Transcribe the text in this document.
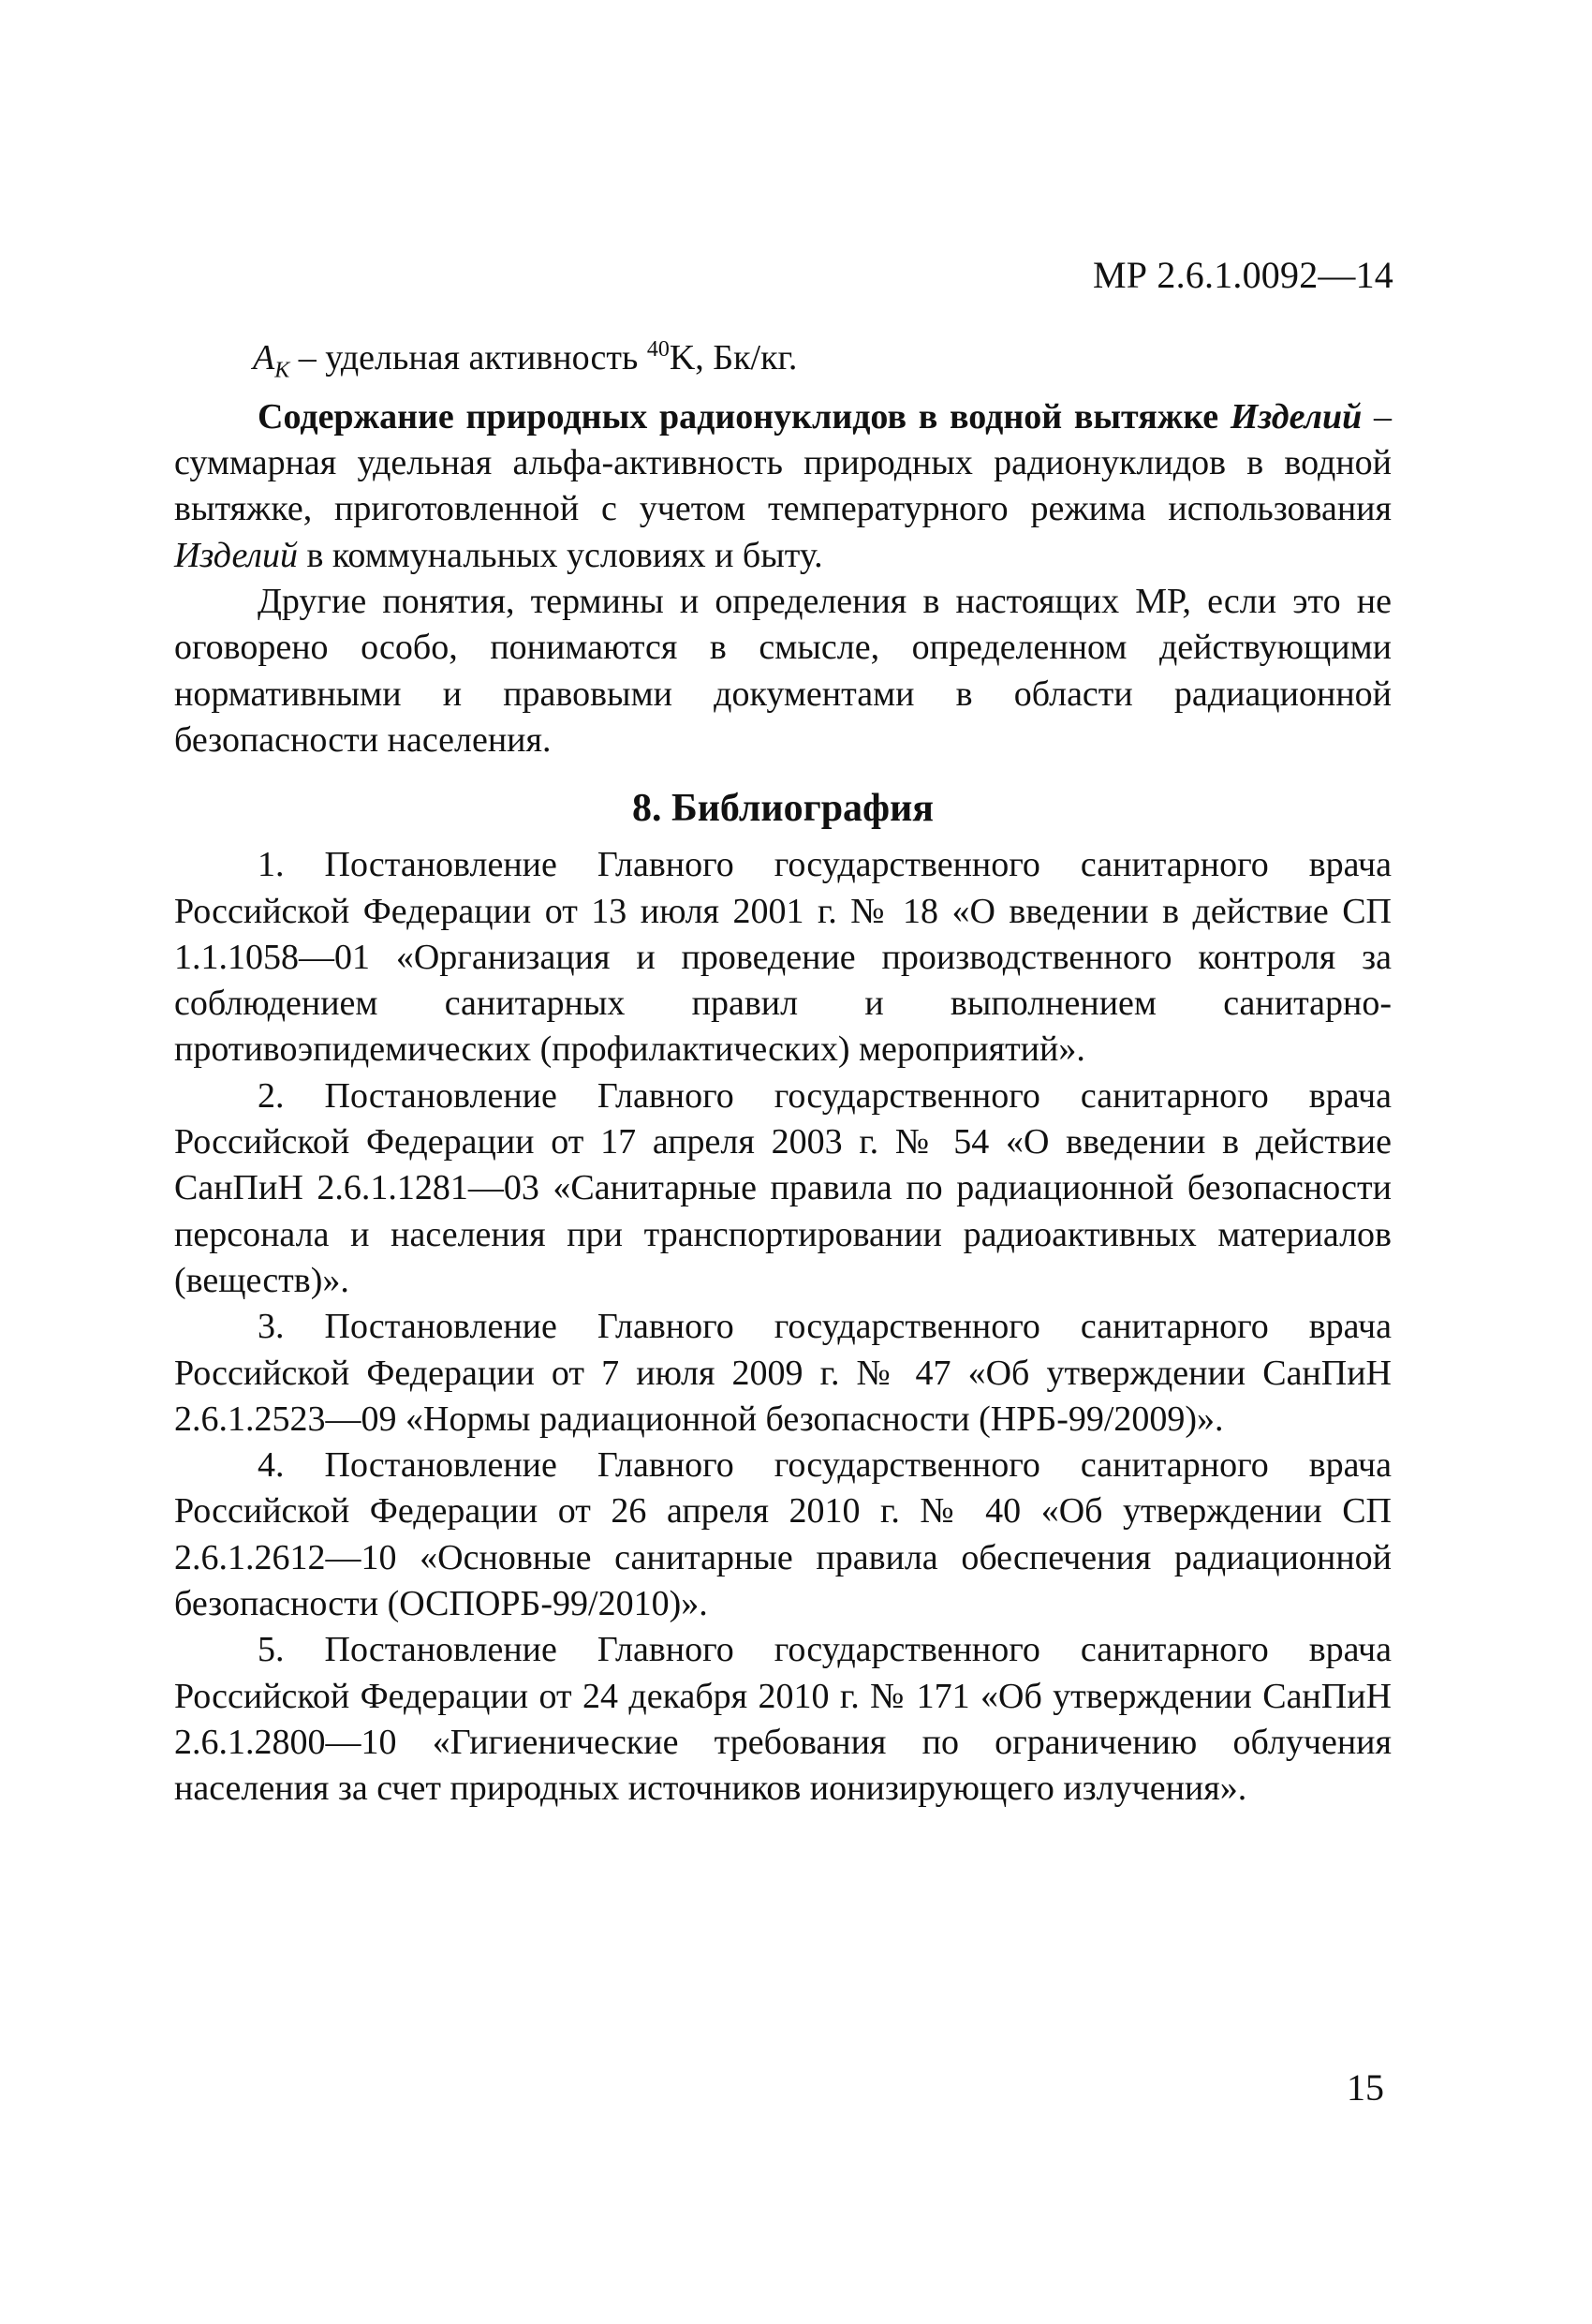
МР 2.6.1.0092—14

$A_K$ – удельная активность $^{40}$K, Бк/кг.

Содержание природных радионуклидов в водной вытяжке Изделий – суммарная удельная альфа-активность природных радионуклидов в водной вытяжке, приготовленной с учетом температурного режима использования Изделий в коммунальных условиях и быту.

Другие понятия, термины и определения в настоящих МР, если это не оговорено особо, понимаются в смысле, определенном действующими нормативными и правовыми документами в области радиационной безопасности населения.

8. Библиография

1. Постановление Главного государственного санитарного врача Российской Федерации от 13 июля 2001 г. № 18 «О введении в действие СП 1.1.1058—01 «Организация и проведение производственного контроля за соблюдением санитарных правил и выполнением санитарно-противоэпидемических (профилактических) мероприятий».

2. Постановление Главного государственного санитарного врача Российской Федерации от 17 апреля 2003 г. № 54 «О введении в действие СанПиН 2.6.1.1281—03 «Санитарные правила по радиационной безопасности персонала и населения при транспортировании радиоактивных материалов (веществ)».

3. Постановление Главного государственного санитарного врача Российской Федерации от 7 июля 2009 г. № 47 «Об утверждении СанПиН 2.6.1.2523—09 «Нормы радиационной безопасности (НРБ-99/2009)».

4. Постановление Главного государственного санитарного врача Российской Федерации от 26 апреля 2010 г. № 40 «Об утверждении СП 2.6.1.2612—10 «Основные санитарные правила обеспечения радиационной безопасности (ОСПОРБ-99/2010)».

5. Постановление Главного государственного санитарного врача Российской Федерации от 24 декабря 2010 г. № 171 «Об утверждении СанПиН 2.6.1.2800—10 «Гигиенические требования по ограничению облучения населения за счет природных источников ионизирующего излучения».

15
